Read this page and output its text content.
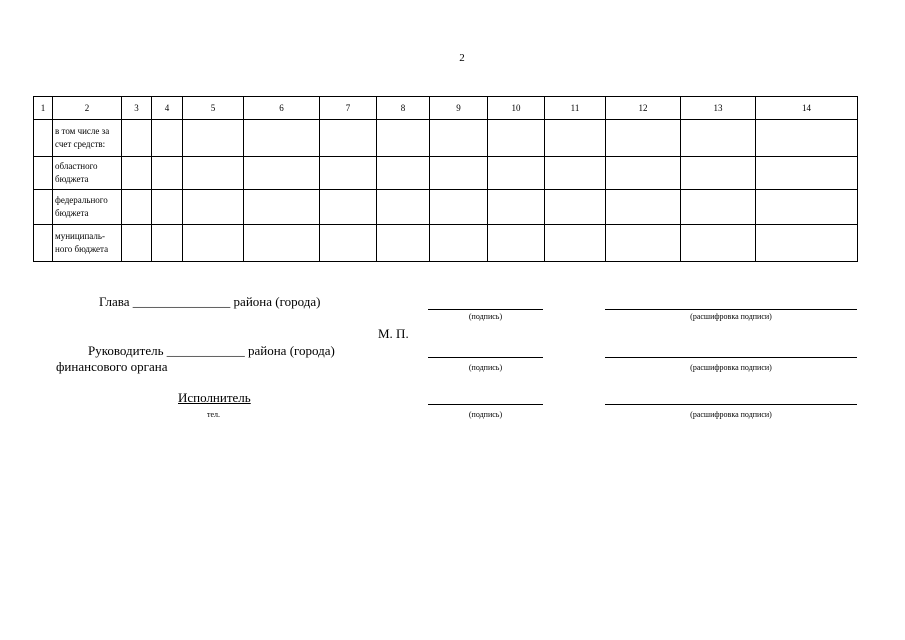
2
1	2	3	4	5	6	7	8	9	10	11	12	13	14
	в том числе за
счет средств:												
	областного
бюджета												
	федерального
бюджета												
	муниципаль-
ного бюджета												
Глава _______________ района (города)
(подпись)	(расшифровка подписи)
М. П.
Руководитель ____________ района (города)
финансового органа	(подпись)	(расшифровка подписи)
Исполнитель
тел.	(подпись)	(расшифровка подписи)
